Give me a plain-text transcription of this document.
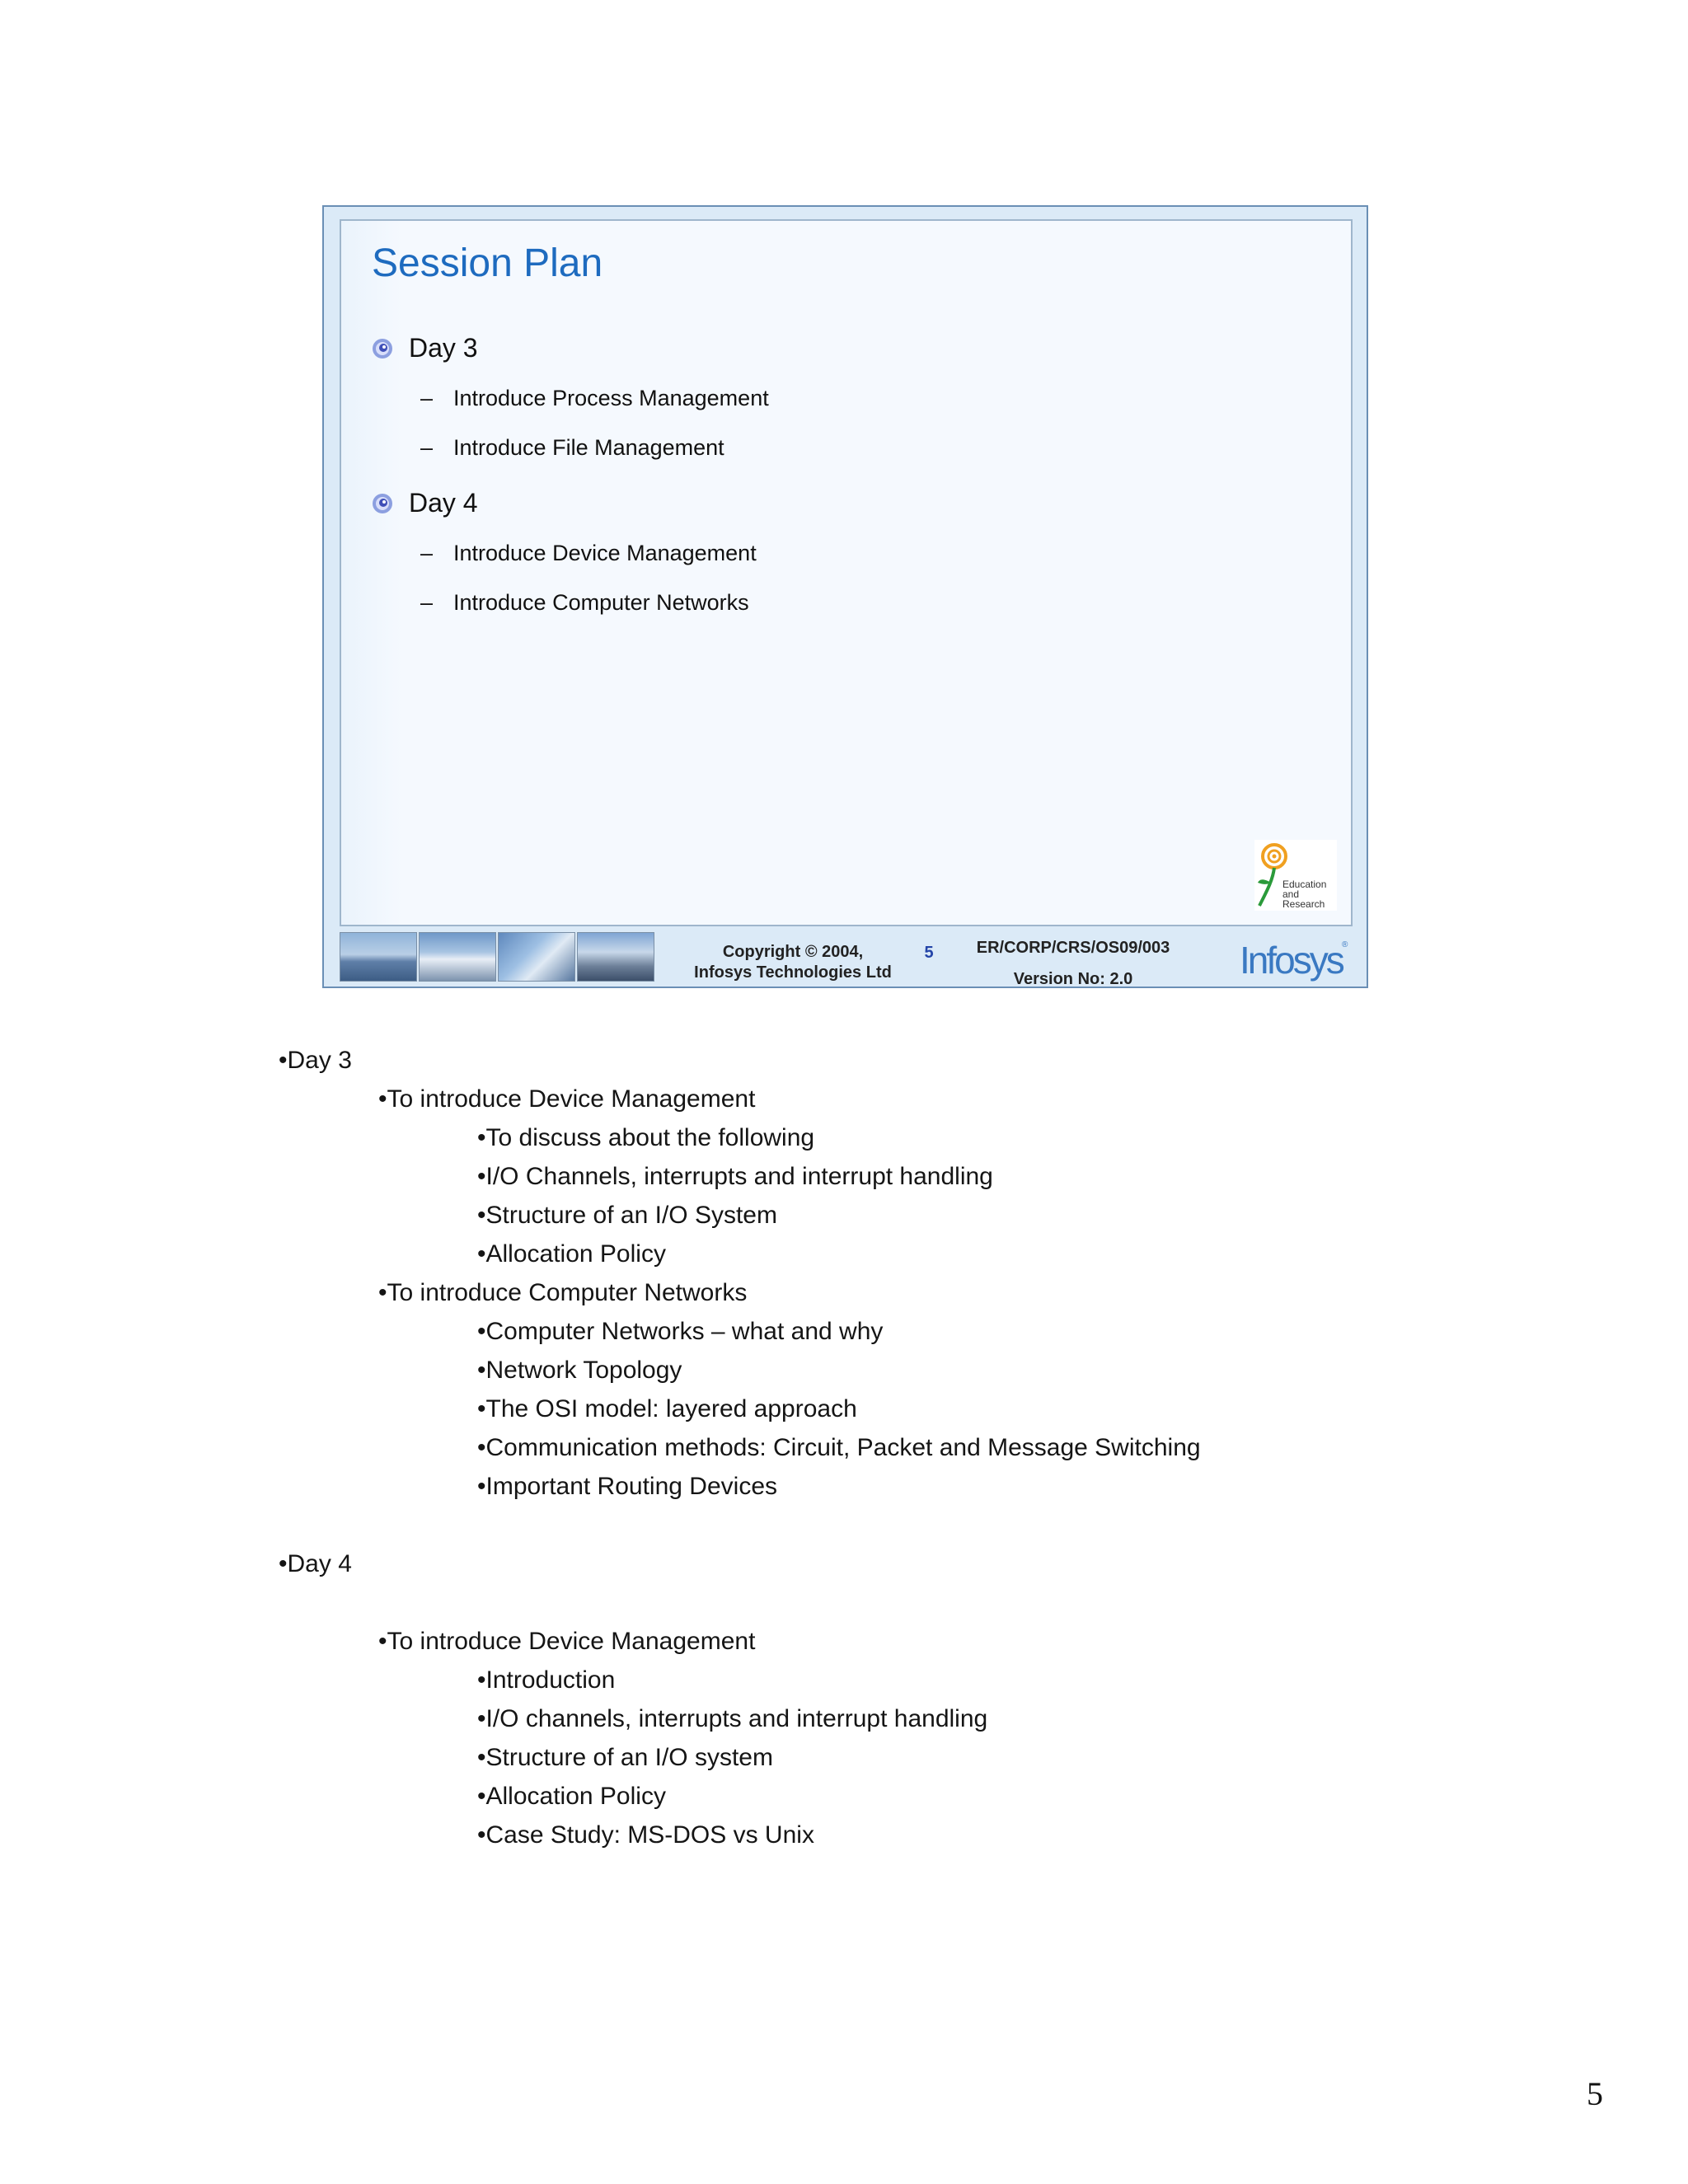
Session Plan
Day 3
– Introduce Process Management
– Introduce File Management
Day 4
– Introduce Device Management
– Introduce Computer Networks
Education
and
Research
Copyright © 2004,
Infosys Technologies Ltd
5	ER/CORP/CRS/OS09/003
Version No: 2.0	Infosys ®
•Day 3
•To introduce Device Management
•To discuss about the following
•I/O Channels, interrupts and interrupt handling
•Structure of an I/O System
•Allocation Policy
•To introduce Computer Networks
•Computer Networks – what and why
•Network Topology
•The OSI model: layered approach
•Communication methods: Circuit, Packet and Message Switching
•Important Routing Devices
•Day 4
•To introduce Device Management
•Introduction
•I/O channels, interrupts and interrupt handling
•Structure of an I/O system
•Allocation Policy
•Case Study: MS-DOS vs Unix
5
